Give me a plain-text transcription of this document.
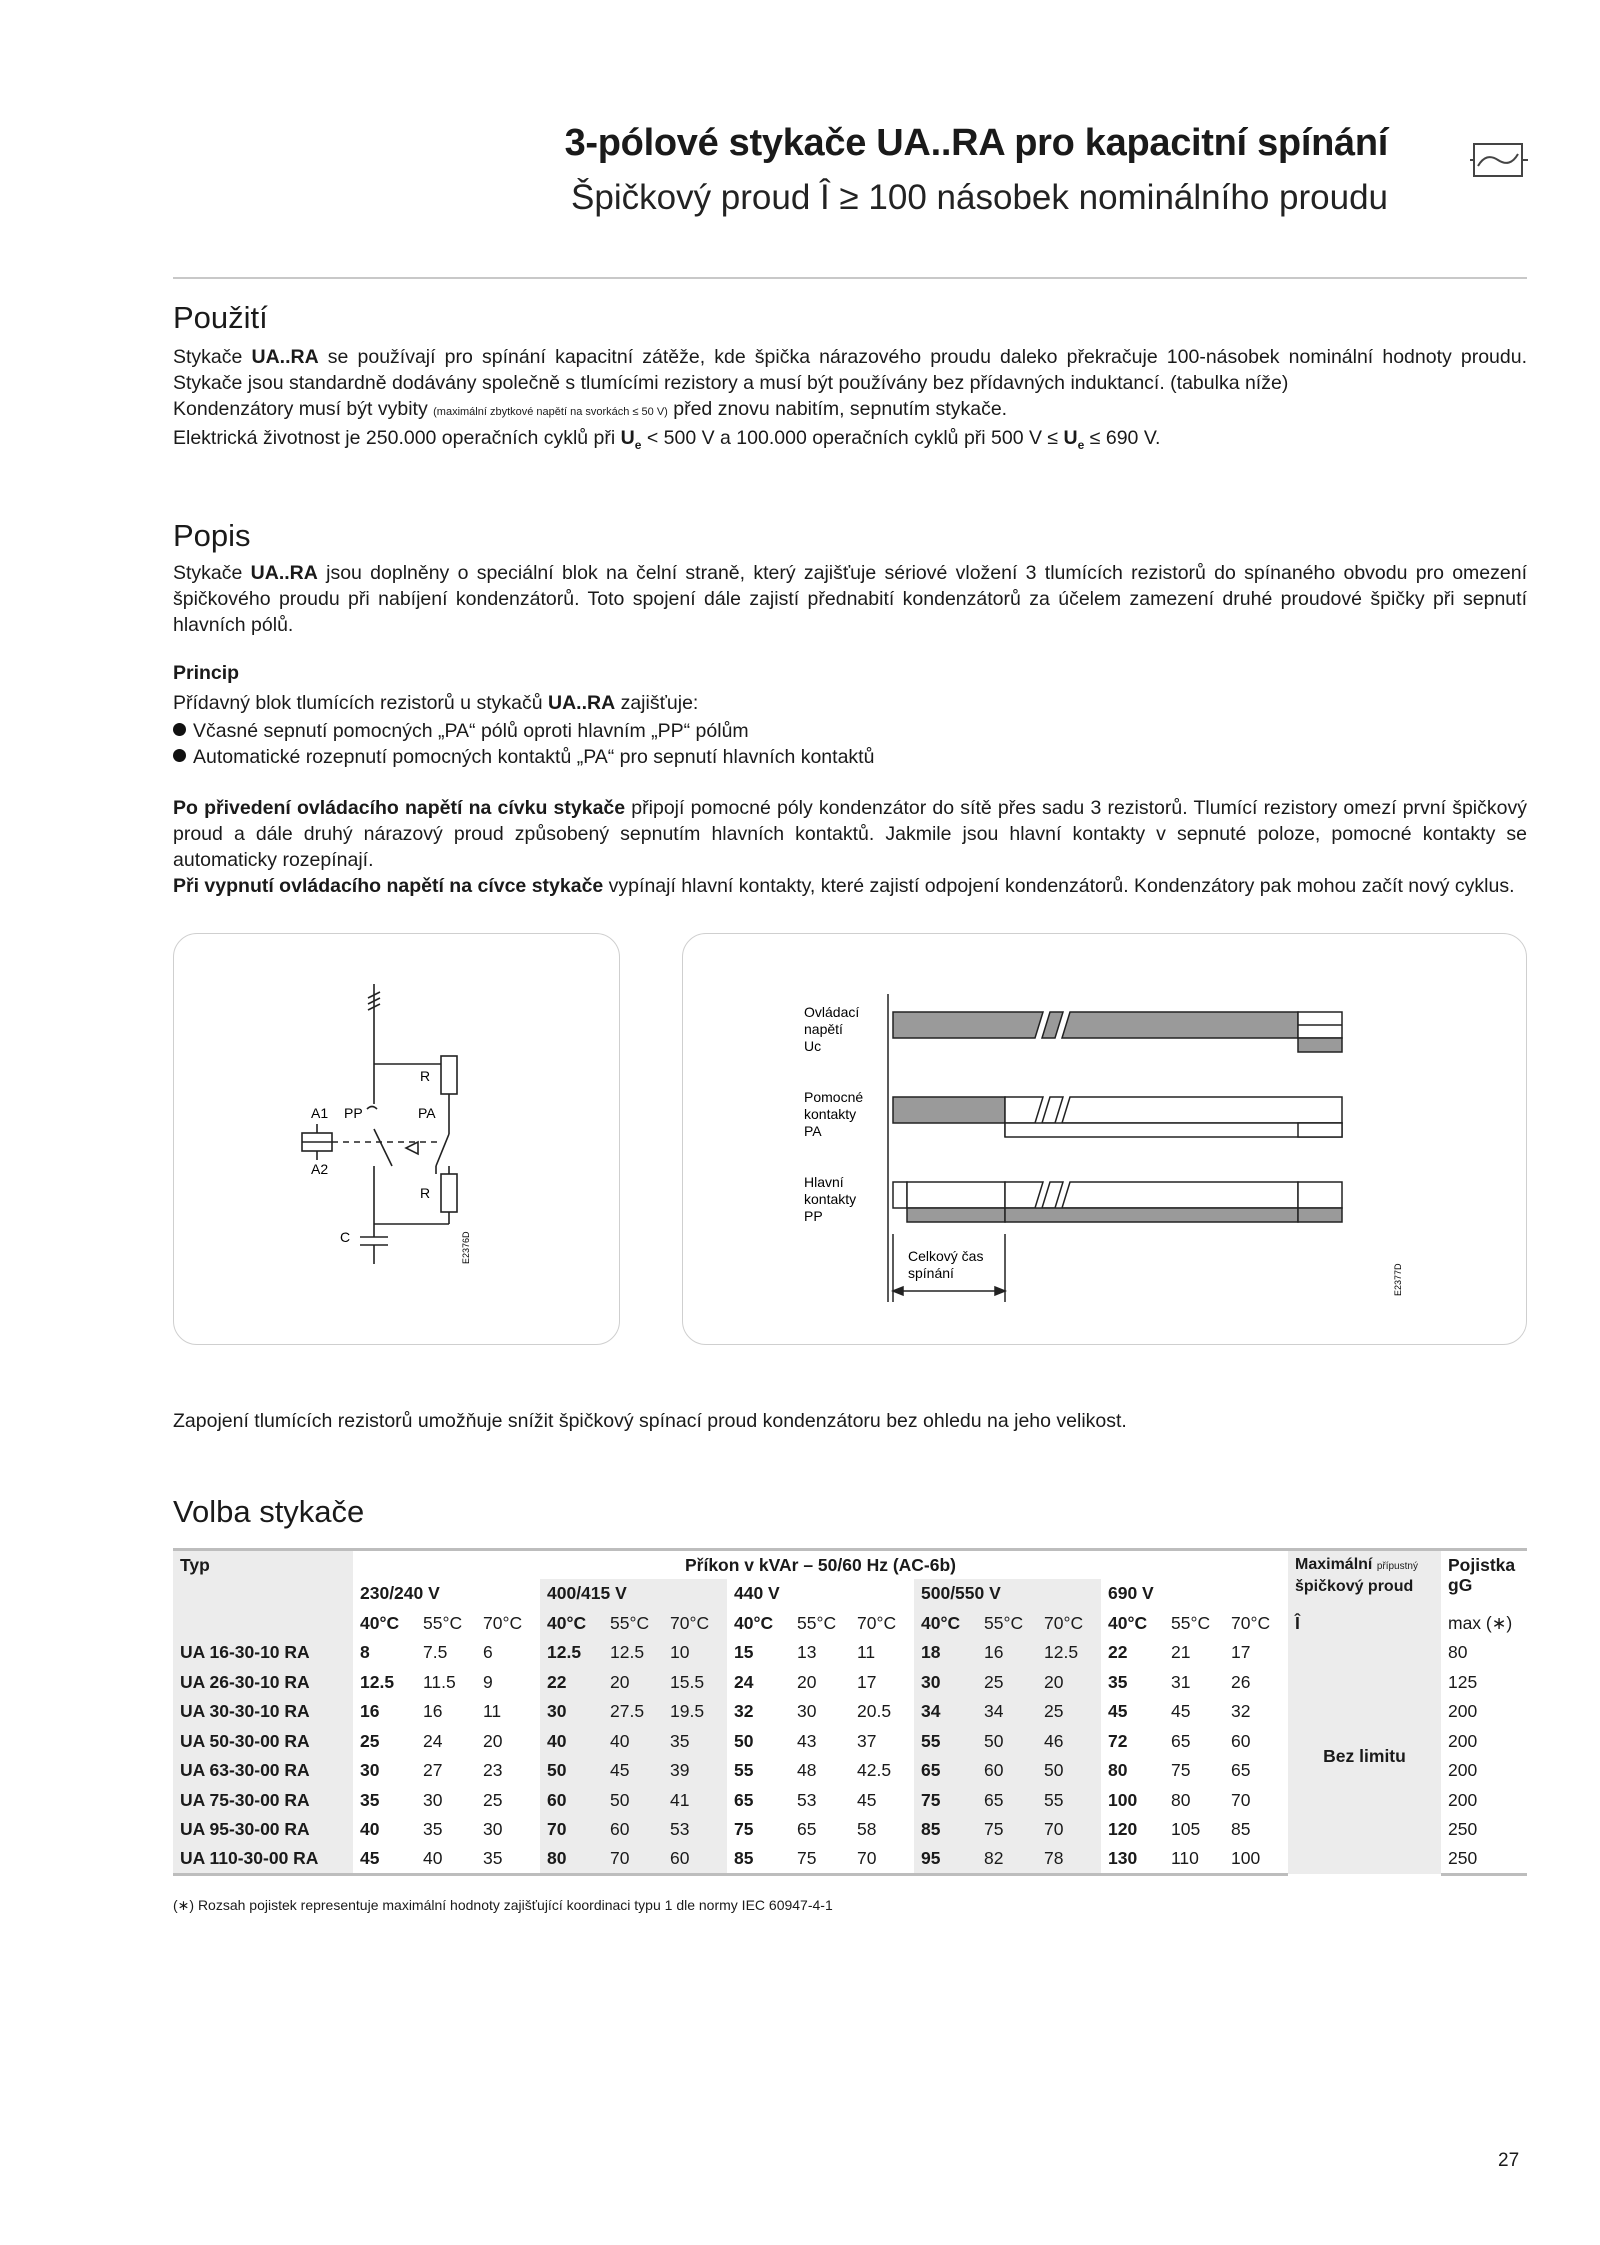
3-pólové stykače UA..RA pro kapacitní spínání
Špičkový proud Î ≥ 100 násobek nominálního proudu
Použití
Stykače UA..RA se používají pro spínání kapacitní zátěže, kde špička nárazového proudu daleko překračuje 100-násobek nominální hodnoty proudu. Stykače jsou standardně dodávány společně s tlumícími rezistory a musí být používány bez přídavných induktancí. (tabulka níže)
Kondenzátory musí být vybity (maximální zbytkové napětí na svorkách ≤ 50 V) před znovu nabitím, sepnutím stykače.
Elektrická životnost je 250.000 operačních cyklů při $U_e < 500$ V a 100.000 operačních cyklů při 500 $V \le U_e \le 690$ V.
Popis
Stykače UA..RA jsou doplněny o speciální blok na čelní straně, který zajišťuje sériové vložení 3 tlumících rezistorů do spínaného obvodu pro omezení špičkového proudu při nabíjení kondenzátorů. Toto spojení dále zajistí přednabití kondenzátorů za účelem zamezení druhé proudové špičky při sepnutí hlavních pólů.
Princip
Přídavný blok tlumících rezistorů u stykačů UA..RA zajišťuje:
Včasné sepnutí pomocných „PA“ pólů oproti hlavním „PP“ pólům
Automatické rozepnutí pomocných kontaktů „PA“ pro sepnutí hlavních kontaktů
Po přivedení ovládacího napětí na cívku stykače připojí pomocné póly kondenzátor do sítě přes sadu 3 rezistorů. Tlumící rezistory omezí první špičkový proud a dále druhý nárazový proud způsobený sepnutím hlavních kontaktů. Jakmile jsou hlavní kontakty v sepnuté poloze, pomocné kontakty se automaticky rozepínají.
Při vypnutí ovládacího napětí na cívce stykače vypínají hlavní kontakty, které zajistí odpojení kondenzátorů. Kondenzátory pak mohou začít nový cyklus.
A1 PP	PA
R
R
A2
C	E2376D
Ovládací
napětí
Uc
Pomocné
kontakty
PA
Hlavní
kontakty
PP
Celkový čas
spínání	E2377D
Zapojení tlumících rezistorů umožňuje snížit špičkový spínací proud kondenzátoru bez ohledu na jeho velikost.
Volba stykače
Typ	Příkon v kVAr – 50/60 Hz (AC-6b)															Maximální přípustný
špičkový proud	Pojistka
gG
	230/240 V			400/415 V			440 V			500/550 V			690 V				
	40°C	55°C	70°C	40°C	55°C	70°C	40°C	55°C	70°C	40°C	55°C	70°C	40°C	55°C	70°C	Î	max (∗)
UA 16-30-10 RA	8	7.5	6	12.5	12.5	10	15	13	11	18	16	12.5	22	21	17	Bez limitu	80
UA 26-30-10 RA	12.5	11.5	9	22	20	15.5	24	20	17	30	25	20	35	31	26		125
UA 30-30-10 RA	16	16	11	30	27.5	19.5	32	30	20.5	34	34	25	45	45	32		200
UA 50-30-00 RA	25	24	20	40	40	35	50	43	37	55	50	46	72	65	60		200
UA 63-30-00 RA	30	27	23	50	45	39	55	48	42.5	65	60	50	80	75	65		200
UA 75-30-00 RA	35	30	25	60	50	41	65	53	45	75	65	55	100	80	70		200
UA 95-30-00 RA	40	35	30	70	60	53	75	65	58	85	75	70	120	105	85		250
UA 110-30-00 RA	45	40	35	80	70	60	85	75	70	95	82	78	130	110	100		250
(∗) Rozsah pojistek representuje maximální hodnoty zajišťující koordinaci typu 1 dle normy IEC 60947-4-1
27
